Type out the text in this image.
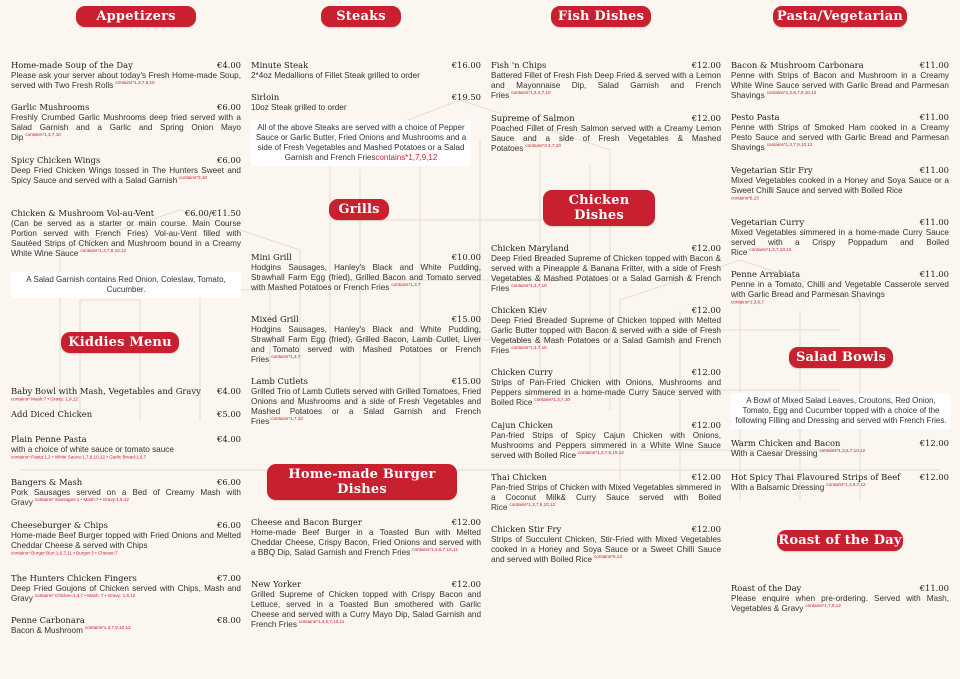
Appetizers
Home-made Soup of the Day	€4.00
Please ask your server about today's Fresh Home-made Soup, served with Two Fresh Rolls $^{contains*1,3,7,9,10}$
Garlic Mushrooms	€6.00
Freshly Crumbed Garlic Mushrooms deep fried served with a Salad Garnish and a Garlic and Spring Onion Mayo Dip $^{contains*1,3,7,10}$
Spicy Chicken Wings	€6.00
Deep Fried Chicken Wings tossed in The Hunters Sweet and Spicy Sauce and served with a Salad Garnish $^{contains*3,10}$
Chicken & Mushroom Vol-au-Vent	€6.00/€11.50
(Can be served as a starter or main course. Main Course Portion served with French Fries) Vol-au-Vent filled with Sautéed Strips of Chicken and Mushroom bound in a Creamy White Wine Sauce $^{contains*1,3,7,9,10,12}$
A Salad Garnish contains Red Onion, Coleslaw, Tomato, Cucumber.
Kiddies Menu
Baby Bowl with Mash, Vegetables and Gravy €4.00
$^{contains* Mash:7 • Gravy: 1,9,12}$
Add Diced Chicken	€5.00
Plain Penne Pasta	€4.00
with a choice of white sauce or tomato sauce
$^{contains* Pasta:1,3 • White Sauce:1,7,9,10,12 • Garlic Bread:1,6,7}$
Bangers & Mash	€6.00
Pork Sausages served on a Bed of Creamy Mash with Gravy $^{contains* Sausages:1 • Mash:7 • Gravy:1,9,12}$
Cheeseburger & Chips	€6.00
Home-made Beef Burger topped with Fried Onions and Melted Cheddar Cheese & served with Chips
$^{contains* Burger Bun:1,6,7,11 • Burger:3 • Cheese:7}$
The Hunters Chicken Fingers	€7.00
Deep Fried Goujons of Chicken served with Chips, Mash and Gravy $^{contains* Chicken:1,3,7 • Mash: 7 • Gravy: 1,9,12}$
Penne Carbonara	€8.00
Bacon & Mushroom $^{contains*1,3,7,9,10,12}$
Steaks
Minute Steak	€16.00
2*4oz Medallions of Fillet Steak grilled to order
Sirloin	€19.50
10oz Steak grilled to order
All of the above Steaks are served with a choice of Pepper Sauce or Garlic Butter, Fried Onions and Mushrooms and a side of Fresh Vegetables and Mashed Potatoes or a Salad Garnish and French Friescontains*1,7,9,12
Grills
Mini Grill	€10.00
Hodgins Sausages, Hanley's Black and White Pudding, Strawhall Farm Egg (fried), Grilled Bacon and Tomato served with Mashed Potatoes or French Fries $^{contains*1,3,7}$
Mixed Grill	€15.00
Hodgins Sausages, Hanley's Black and White Pudding, Strawhall Farm Egg (fried), Grilled Bacon, Lamb Cutlet, Liver and Tomato served with Mashed Potatoes or French Fries $^{contains*1,3,7}$
Lamb Cutlets	€15.00
Grilled Trio of Lamb Cutlets served with Grilled Tomatoes, Fried Onions and Mushrooms and a side of Fresh Vegetables and Mashed Potatoes or a Salad Garnish and French Fries $^{contains*1,7,12}$
Home-made Burger Dishes
Cheese and Bacon Burger	€12.00
Home-made Beef Burger in a Toasted Bun with Melted Cheddar Cheese, Crispy Bacon, Fried Onions and served with a BBQ Dip, Salad Garnish and French Fries $^{contains*1,3,6,7,10,11}$
New Yorker	€12.00
Grilled Supreme of Chicken topped with Crispy Bacon and Lettuce, served in a Toasted Bun smothered with Garlic Cheese and served with a Curry Mayo Dip, Salad Garnish and French Fries $^{contains*1,3,6,7,10,11}$
Fish Dishes
Fish 'n Chips	€12.00
Battered Fillet of Fresh Fish Deep Fried & served with a Lemon and Mayonnaise Dip, Salad Garnish and French Fries $^{contains*1,3,4,7,10}$
Supreme of Salmon	€12.00
Poached Fillet of Fresh Salmon served with a Creamy Lemon Sauce and a side of Fresh Vegetables & Mashed Potatoes $^{contains*3 4,7,10}$
Chicken Dishes
Chicken Maryland	€12.00
Deep Fried Breaded Supreme of Chicken topped with Bacon & served with a Pineapple & Banana Fritter, with a side of Fresh Vegetables & Mashed Potatoes or a Salad Garnish & French Fries $^{contains*1,3,7,10}$
Chicken Kiev	€12.00
Deep Fried Breaded Supreme of Chicken topped with Melted Garlic Butter topped with Bacon & served with a side of Fresh Vegetables & Mash Potatoes or a Salad Garnish and French Fries $^{contains*1,3,7,10}$
Chicken Curry	€12.00
Strips of Pan-Fried Chicken with Onions, Mushrooms and Peppers simmered in a home-made Curry Sauce served with Boiled Rice $^{contains*1,3,7,10}$
Cajun Chicken	€12.00
Pan-fried Strips of Spicy Cajun Chicken with Onions, Mushrooms and Peppers simmered in a White Wine Sauce served with Boiled Rice $^{contains*1,3,7,9,10,12}$
Thai Chicken	€12.00
Pan-fried Strips of Chicken with Mixed Vegetables simmered in a Coconut Milk& Curry Sauce served with Boiled Rice $^{contains*1,3,7,9,10,12}$
Chicken Stir Fry	€12.00
Strips of Succulent Chicken, Stir-Fried with Mixed Vegetables cooked in a Honey and Soya Sauce or a Sweet Chilli Sauce and served with Boiled Rice $^{contains*6,13}$
Pasta/Vegetarian
Bacon & Mushroom Carbonara	€11.00
Penne with Strips of Bacon and Mushroom in a Creamy White Wine Sauce served with Garlic Bread and Parmesan Shavings $^{contains*1,3,6,7,9,10,12}$
Pesto Pasta	€11.00
Penne with Strips of Smoked Ham cooked in a Creamy Pesto Sauce and served with Garlic Bread and Parmesan Shavings $^{contains*1,3,7,9,10,12}$
Vegetarian Stir Fry	€11.00
Mixed Vegetables cooked in a Honey and Soya Sauce or a Sweet Chilli Sauce and served with Boiled Rice
$^{contains*6,13}$
Vegetarian Curry	€11.00
Mixed Vegetables simmered in a home-made Curry Sauce served with a Crispy Poppadum and Boiled Rice $^{contains*1,3,7,10,13}$
Penne Arrabiata	€11.00
Penne in a Tomato, Chilli and Vegetable Casserole served with Garlic Bread and Parmesan Shavings
$^{contains*1,3,6,7}$
Salad Bowls
A Bowl of Mixed Salad Leaves, Croutons, Red Onion, Tomato, Egg and Cucumber topped with a choice of the following Filling and Dressing and served with French Fries.
Warm Chicken and Bacon	€12.00
With a Caesar Dressing $^{contains*1,3,6,7,10,12}$
Hot Spicy Thai Flavoured Strips of Beef €12.00
With a Balsamic Dressing $^{contains*1,3,6,7,12}$
Roast of the Day
Roast of the Day	€11.00
Please enquire when pre-ordering. Served with Mash, Vegetables & Gravy $^{contains*1,7,9,12}$
